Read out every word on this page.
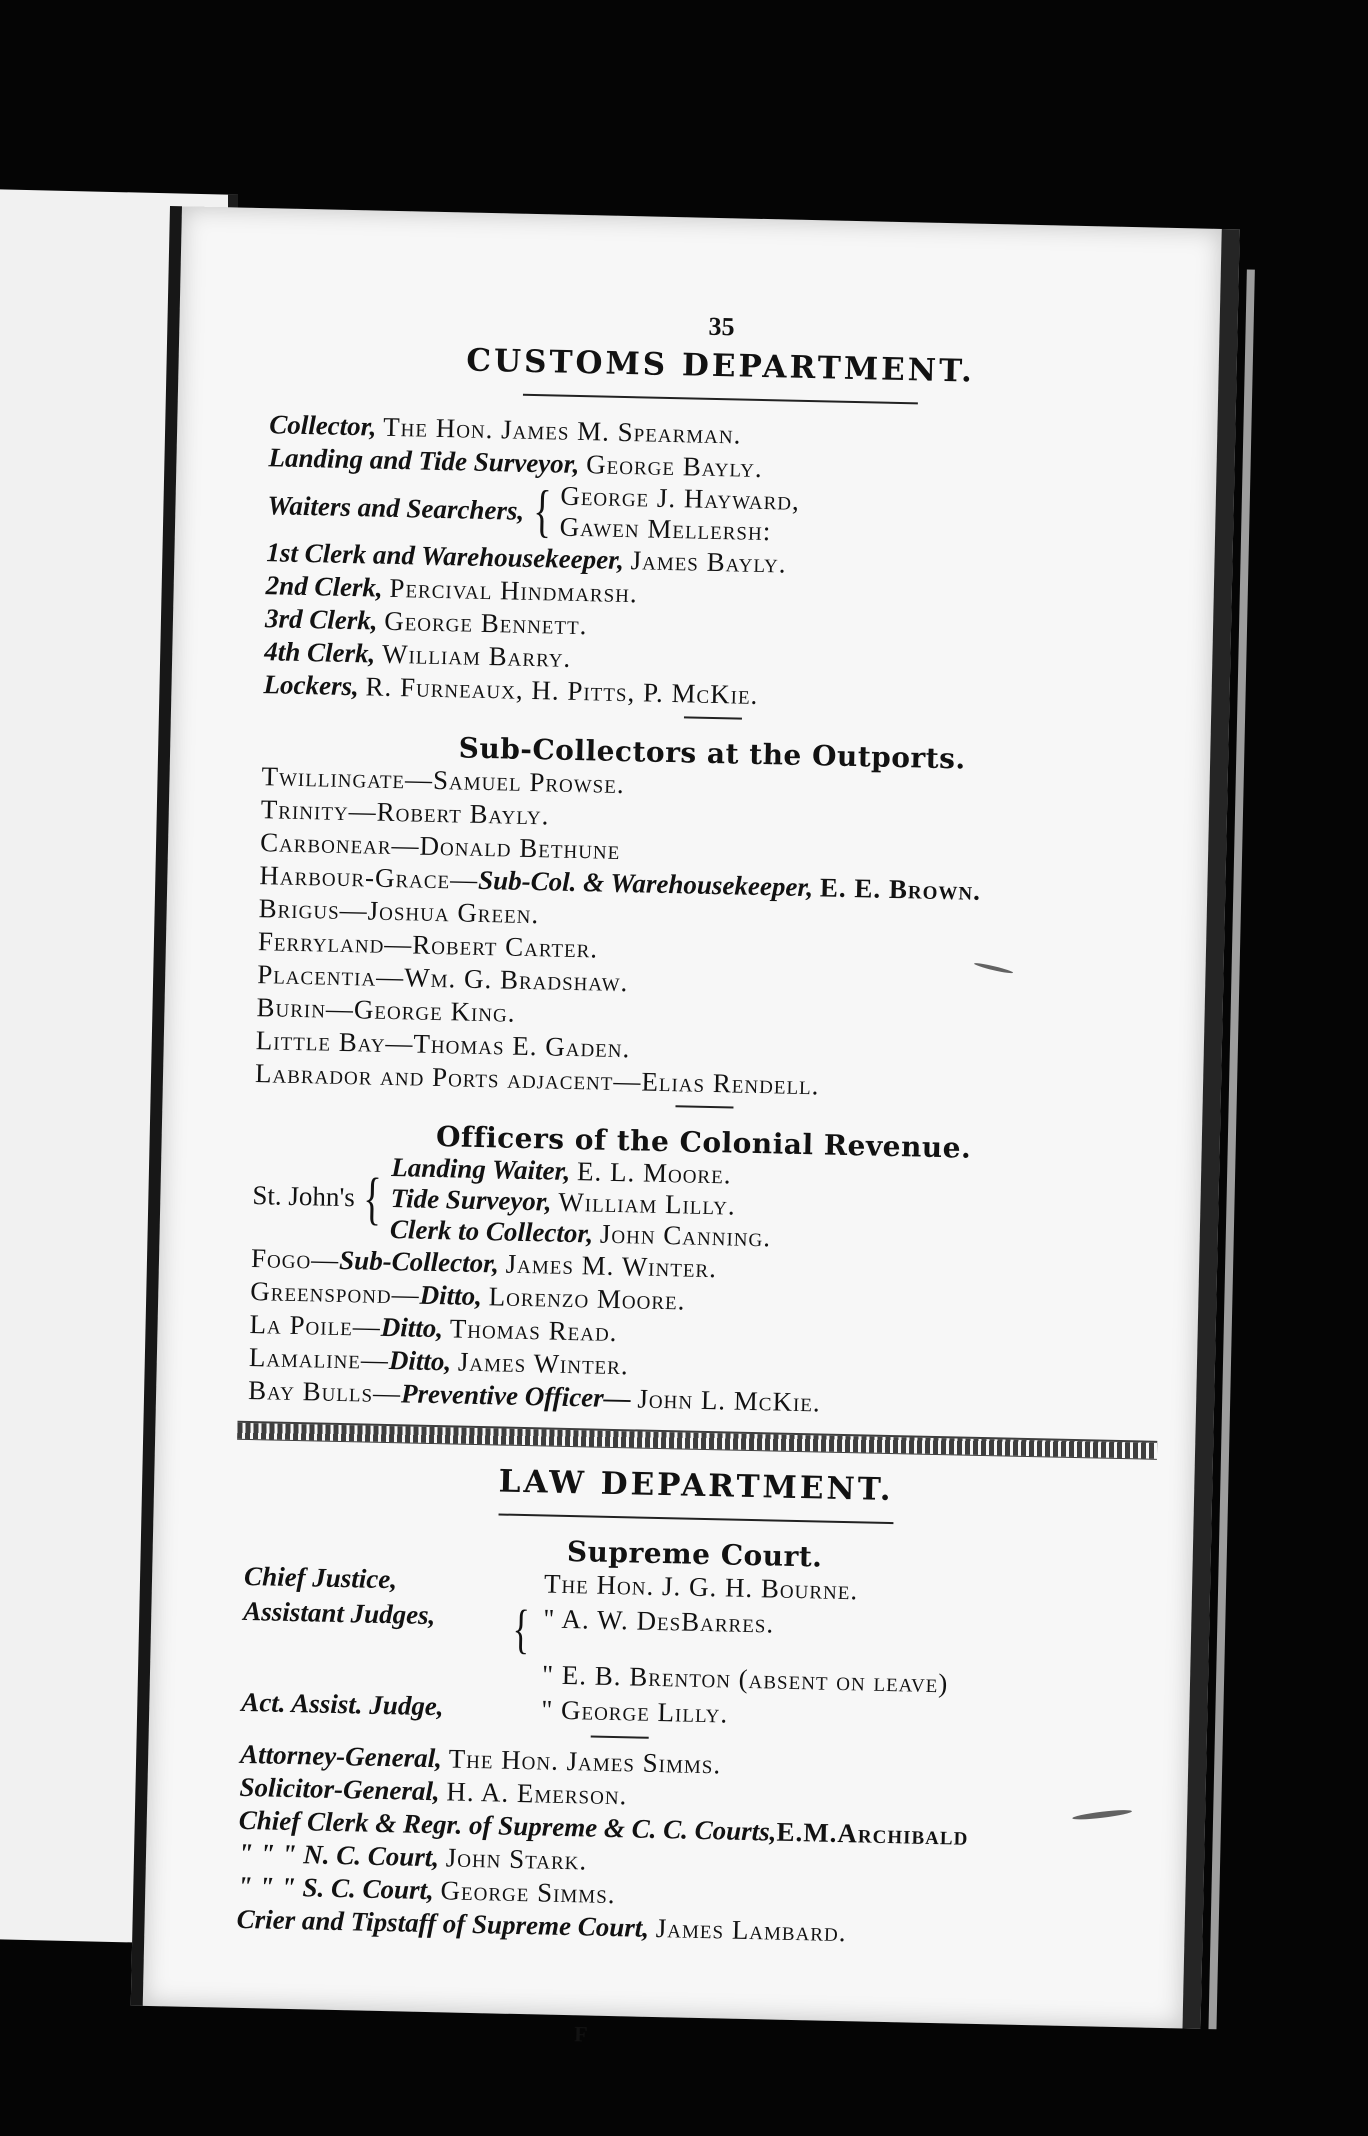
35
CUSTOMS DEPARTMENT.
Collector, The Hon. James M. Spearman.
Landing and Tide Surveyor, George Bayly.
Waiters and Searchers, { George J. Hayward,
Gawen Mellersh:
1st Clerk and Warehousekeeper, James Bayly.
2nd Clerk, Percival Hindmarsh.
3rd Clerk, George Bennett.
4th Clerk, William Barry.
Lockers, R. Furneaux, H. Pitts, P. McKie.
Sub-Collectors at the Outports.
Twillingate—Samuel Prowse.
Trinity—Robert Bayly.
Carbonear—Donald Bethune
Harbour-Grace—Sub-Col. & Warehousekeeper, E. E. Brown.
Brigus—Joshua Green.
Ferryland—Robert Carter.
Placentia—Wm. G. Bradshaw.
Burin—George King.
Little Bay—Thomas E. Gaden.
Labrador and Ports adjacent—Elias Rendell.
Officers of the Colonial Revenue.
St. John's { Landing Waiter, E. L. Moore.
Tide Surveyor, William Lilly.
Clerk to Collector, John Canning.
Fogo—Sub-Collector, James M. Winter.
Greenspond—Ditto, Lorenzo Moore.
La Poile—Ditto, Thomas Read.
Lamaline—Ditto, James Winter.
Bay Bulls—Preventive Officer— John L. McKie.
LAW DEPARTMENT.
Supreme Court.
Chief Justice,	The Hon. J. G. H. Bourne.
Assistant Judges,	{ " A. W. DesBarres.
" E. B. Brenton (absent on leave)
Act. Assist. Judge,	" George Lilly.
Attorney-General, The Hon. James Simms.
Solicitor-General, H. A. Emerson.
Chief Clerk & Regr. of Supreme & C. C. Courts,E.M.Archibald
" " " N. C. Court, John Stark.
" " " S. C. Court, George Simms.
Crier and Tipstaff of Supreme Court, James Lambard.
F
